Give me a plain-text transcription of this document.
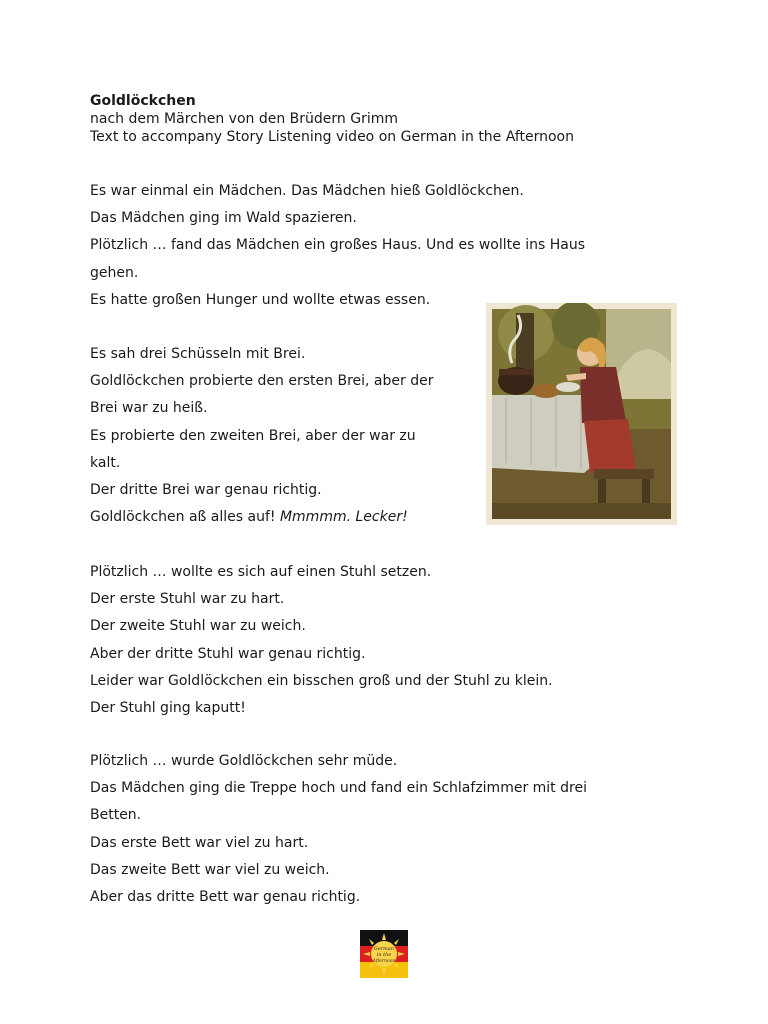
Goldlöckchen
nach dem Märchen von den Brüdern Grimm
Text to accompany Story Listening video on German in the Afternoon
Es war einmal ein Mädchen. Das Mädchen hieß Goldlöckchen.
Das Mädchen ging im Wald spazieren.
Plötzlich … fand das Mädchen ein großes Haus. Und es wollte ins Haus
gehen.
Es hatte großen Hunger und wollte etwas essen.
Es sah drei Schüsseln mit Brei.
Goldlöckchen probierte den ersten Brei, aber der
Brei war zu heiß.
Es probierte den zweiten Brei, aber der war zu
kalt.
Der dritte Brei war genau richtig.
Goldlöckchen aß alles auf! Mmmmm. Lecker!
Plötzlich … wollte es sich auf einen Stuhl setzen.
Der erste Stuhl war zu hart.
Der zweite Stuhl war zu weich.
Aber der dritte Stuhl war genau richtig.
Leider war Goldlöckchen ein bisschen groß und der Stuhl zu klein.
Der Stuhl ging kaputt!
Plötzlich … wurde Goldlöckchen sehr müde.
Das Mädchen ging die Treppe hoch und fand ein Schlafzimmer mit drei
Betten.
Das erste Bett war viel zu hart.
Das zweite Bett war viel zu weich.
Aber das dritte Bett war genau richtig.
German
in the
Afternoon
